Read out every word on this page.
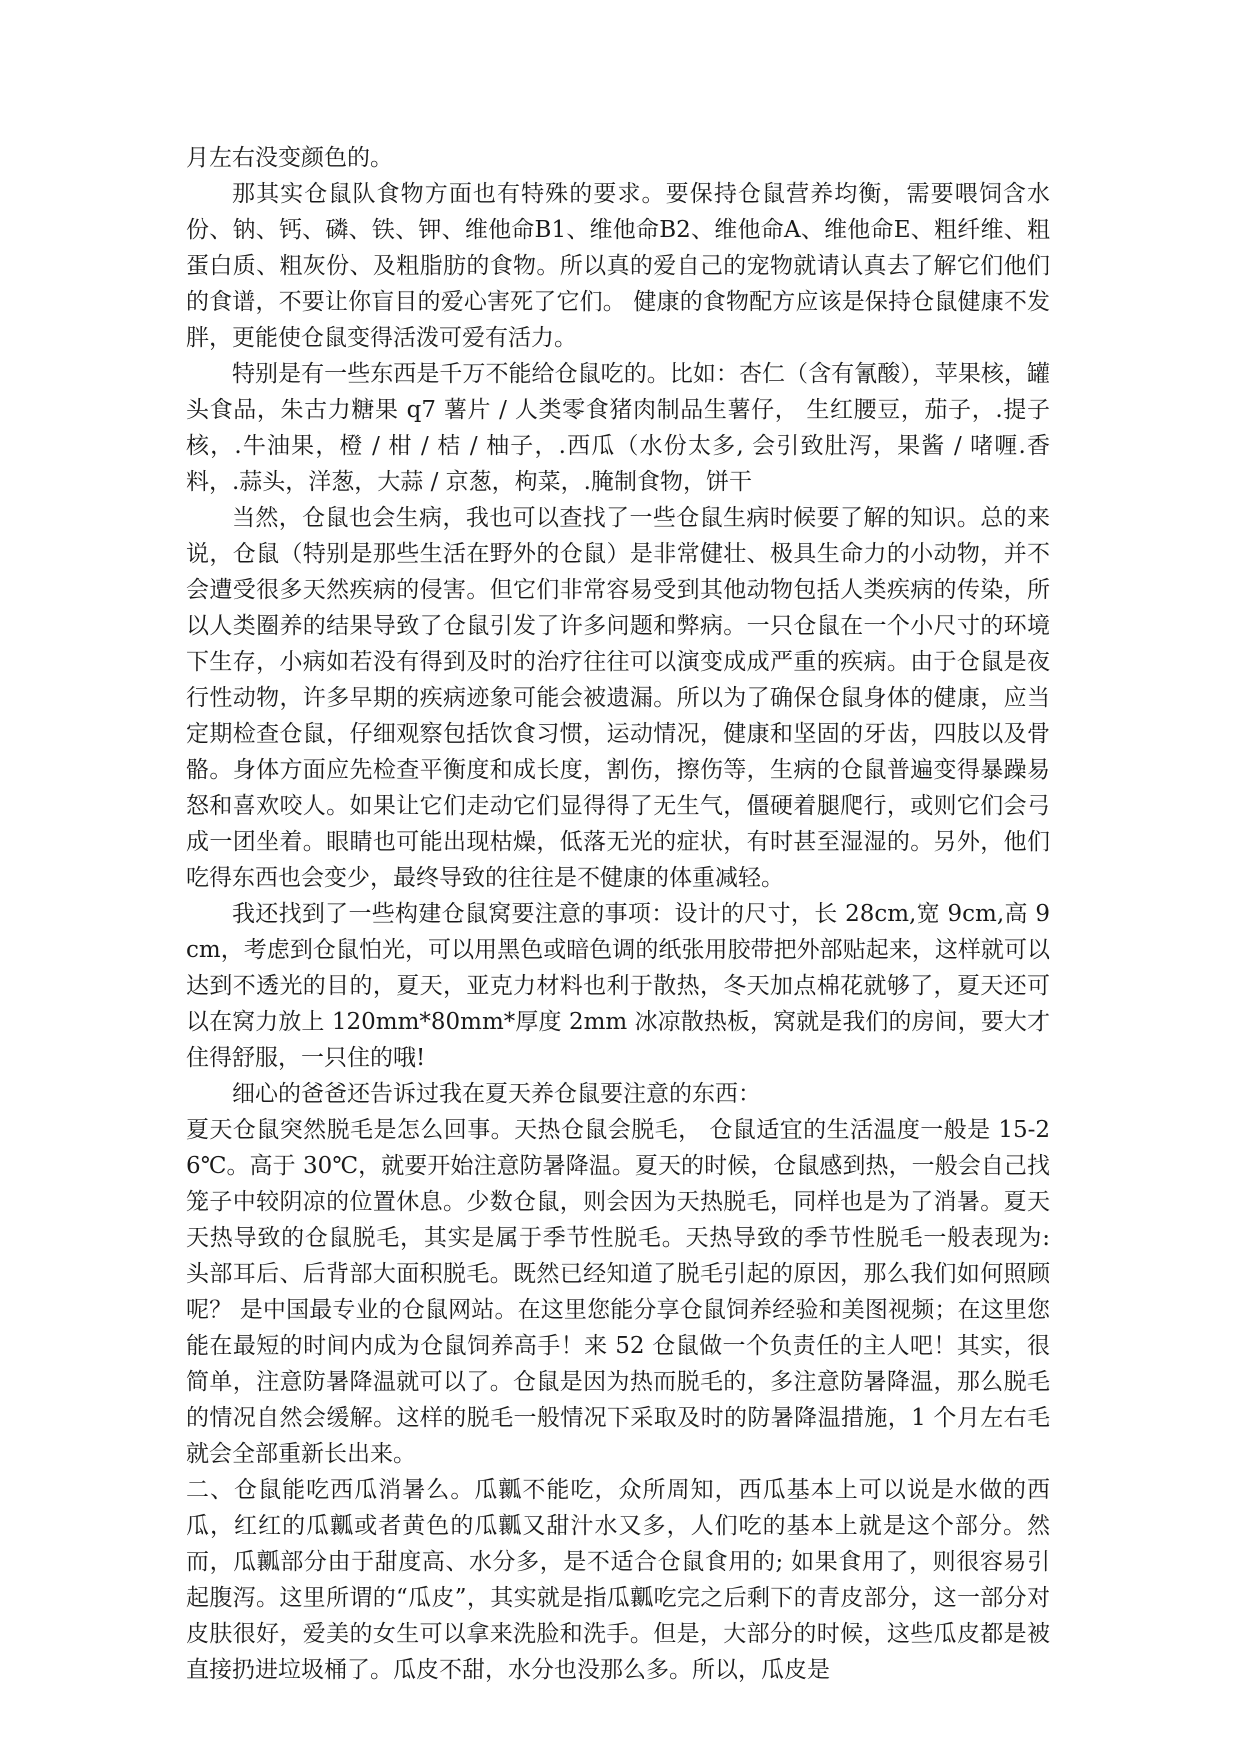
月左右没变颜色的。

那其实仓鼠队食物方面也有特殊的要求。要保持仓鼠营养均衡，需要喂饲含水份、钠、钙、磷、铁、钾、维他命B1、维他命B2、维他命A、维他命E、粗纤维、粗蛋白质、粗灰份、及粗脂肪的食物。所以真的爱自己的宠物就请认真去了解它们他们的食谱，不要让你盲目的爱心害死了它们。 健康的食物配方应该是保持仓鼠健康不发胖，更能使仓鼠变得活泼可爱有活力。

特别是有一些东西是千万不能给仓鼠吃的。比如：杏仁（含有氰酸），苹果核，罐头食品，朱古力糖果 q7 薯片 / 人类零食猪肉制品生薯仔， 生红腰豆，茄子，.提子核，.牛油果，橙 / 柑 / 桔 / 柚子，.西瓜（水份太多, 会引致肚泻，果酱 / 啫喱.香料，.蒜头，洋葱，大蒜 / 京葱，枸菜，.腌制食物，饼干

当然，仓鼠也会生病，我也可以查找了一些仓鼠生病时候要了解的知识。总的来说，仓鼠（特别是那些生活在野外的仓鼠）是非常健壮、极具生命力的小动物，并不会遭受很多天然疾病的侵害。但它们非常容易受到其他动物包括人类疾病的传染，所以人类圈养的结果导致了仓鼠引发了许多问题和弊病。一只仓鼠在一个小尺寸的环境下生存，小病如若没有得到及时的治疗往往可以演变成成严重的疾病。由于仓鼠是夜行性动物，许多早期的疾病迹象可能会被遗漏。所以为了确保仓鼠身体的健康，应当定期检查仓鼠，仔细观察包括饮食习惯，运动情况，健康和坚固的牙齿，四肢以及骨骼。身体方面应先检查平衡度和成长度，割伤，擦伤等，生病的仓鼠普遍变得暴躁易怒和喜欢咬人。如果让它们走动它们显得得了无生气，僵硬着腿爬行，或则它们会弓成一团坐着。眼睛也可能出现枯燥，低落无光的症状，有时甚至湿湿的。另外，他们吃得东西也会变少，最终导致的往往是不健康的体重减轻。

我还找到了一些构建仓鼠窝要注意的事项：设计的尺寸，长 28cm,宽 9cm,高 9cm，考虑到仓鼠怕光，可以用黑色或暗色调的纸张用胶带把外部贴起来，这样就可以达到不透光的目的，夏天，亚克力材料也利于散热，冬天加点棉花就够了，夏天还可以在窝力放上 120mm*80mm*厚度 2mm 冰凉散热板，窝就是我们的房间，要大才住得舒服，一只住的哦!

细心的爸爸还告诉过我在夏天养仓鼠要注意的东西：

夏天仓鼠突然脱毛是怎么回事。天热仓鼠会脱毛， 仓鼠适宜的生活温度一般是 15-26℃。高于 30℃，就要开始注意防暑降温。夏天的时候，仓鼠感到热，一般会自己找笼子中较阴凉的位置休息。少数仓鼠，则会因为天热脱毛，同样也是为了消暑。夏天天热导致的仓鼠脱毛，其实是属于季节性脱毛。天热导致的季节性脱毛一般表现为: 头部耳后、后背部大面积脱毛。既然已经知道了脱毛引起的原因，那么我们如何照顾呢？ 是中国最专业的仓鼠网站。在这里您能分享仓鼠饲养经验和美图视频；在这里您能在最短的时间内成为仓鼠饲养高手！来 52 仓鼠做一个负责任的主人吧！其实，很简单，注意防暑降温就可以了。仓鼠是因为热而脱毛的，多注意防暑降温，那么脱毛的情况自然会缓解。这样的脱毛一般情况下采取及时的防暑降温措施，1 个月左右毛就会全部重新长出来。

二、仓鼠能吃西瓜消暑么。瓜瓤不能吃，众所周知，西瓜基本上可以说是水做的西瓜，红红的瓜瓤或者黄色的瓜瓤又甜汁水又多，人们吃的基本上就是这个部分。然而，瓜瓤部分由于甜度高、水分多，是不适合仓鼠食用的; 如果食用了，则很容易引起腹泻。这里所谓的“瓜皮”，其实就是指瓜瓤吃完之后剩下的青皮部分，这一部分对皮肤很好，爱美的女生可以拿来洗脸和洗手。但是，大部分的时候，这些瓜皮都是被直接扔进垃圾桶了。瓜皮不甜，水分也没那么多。所以，瓜皮是
